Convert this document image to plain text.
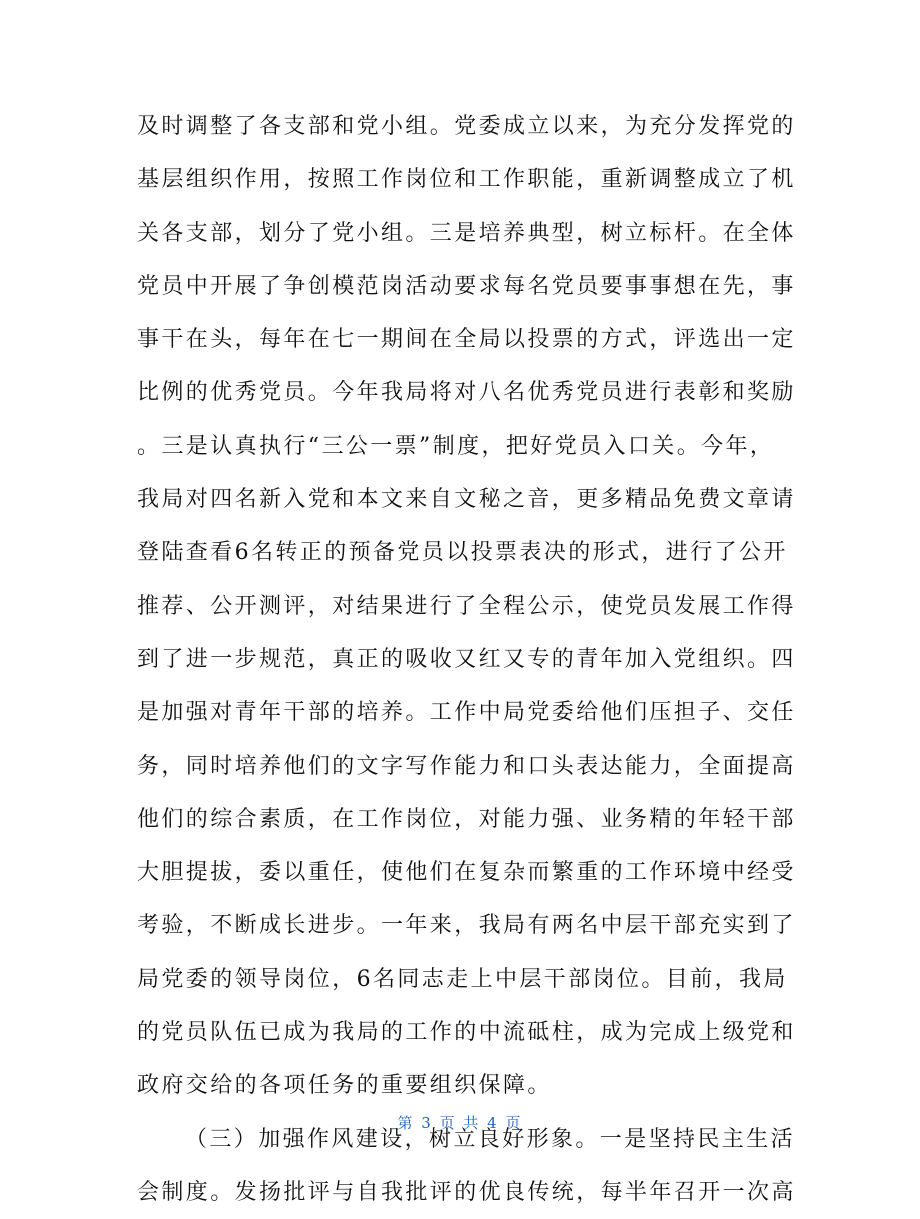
及时调整了各支部和党小组。党委成立以来，为充分发挥党的
基层组织作用，按照工作岗位和工作职能，重新调整成立了机
关各支部，划分了党小组。三是培养典型，树立标杆。在全体
党员中开展了争创模范岗活动要求每名党员要事事想在先，事
事干在头，每年在七一期间在全局以投票的方式，评选出一定
比例的优秀党员。今年我局将对八名优秀党员进行表彰和奖励
。三是认真执行“三公一票”制度，把好党员入口关。今年，
我局对四名新入党和本文来自文秘之音，更多精品免费文章请
登陆查看6名转正的预备党员以投票表决的形式，进行了公开
推荐、公开测评，对结果进行了全程公示，使党员发展工作得
到了进一步规范，真正的吸收又红又专的青年加入党组织。四
是加强对青年干部的培养。工作中局党委给他们压担子、交任
务，同时培养他们的文字写作能力和口头表达能力，全面提高
他们的综合素质，在工作岗位，对能力强、业务精的年轻干部
大胆提拔，委以重任，使他们在复杂而繁重的工作环境中经受
考验，不断成长进步。一年来，我局有两名中层干部充实到了
局党委的领导岗位，6名同志走上中层干部岗位。目前，我局
的党员队伍已成为我局的工作的中流砥柱，成为完成上级党和
政府交给的各项任务的重要组织保障。
（三）加强作风建设，树立良好形象。一是坚持民主生活
会制度。发扬批评与自我批评的优良传统，每半年召开一次高
第 3 页 共 4 页
